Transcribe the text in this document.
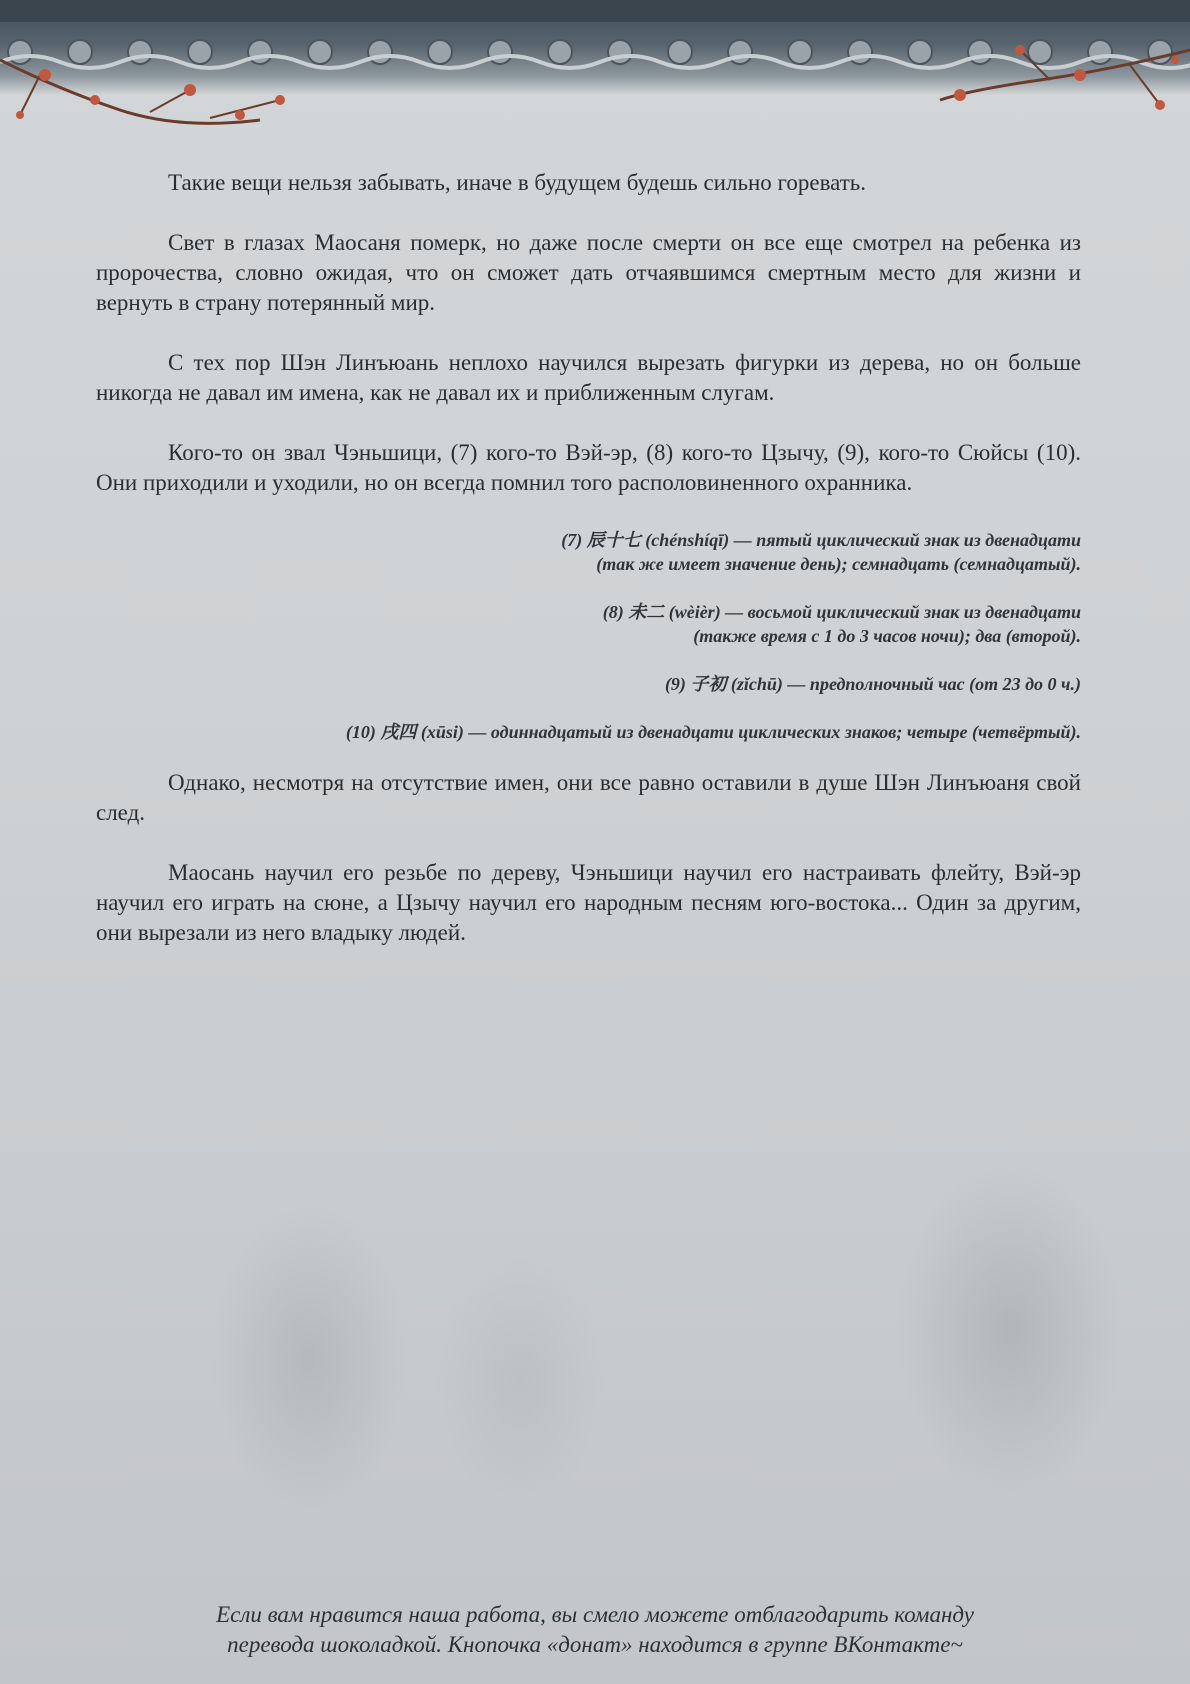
Такие вещи нельзя забывать, иначе в будущем будешь сильно горевать.

Свет в глазах Маосаня померк, но даже после смерти он все еще смотрел на ребенка из пророчества, словно ожидая, что он сможет дать отчаявшимся смертным место для жизни и вернуть в страну потерянный мир.

С тех пор Шэн Линъюань неплохо научился вырезать фигурки из дерева, но он больше никогда не давал им имена, как не давал их и приближенным слугам.

Кого-то он звал Чэньшици, (7) кого-то Вэй-эр, (8) кого-то Цзычу, (9), кого-то Сюйсы (10). Они приходили и уходили, но он всегда помнил того располовиненного охранника.

(7) 辰十七 (chénshíqī) — пятый циклический знак из двенадцати
(так же имеет значение день); семнадцать (семнадцатый).

(8) 未二 (wèièr) — восьмой циклический знак из двенадцати
(также время с 1 до 3 часов ночи); два (второй).

(9) 子初 (zǐchū) — предполночный час (от 23 до 0 ч.)

(10) 戌四 (xūsi) — одиннадцатый из двенадцати циклических знаков; четыре (четвёртый).

Однако, несмотря на отсутствие имен, они все равно оставили в душе Шэн Линъюаня свой след.

Маосань научил его резьбе по дереву, Чэньшици научил его настраивать флейту, Вэй-эр научил его играть на сюне, а Цзычу научил его народным песням юго-востока... Один за другим, они вырезали из него владыку людей.

Если вам нравится наша работа, вы смело можете отблагодарить команду
перевода шоколадкой. Кнопочка «донат» находится в группе ВКонтакте~
